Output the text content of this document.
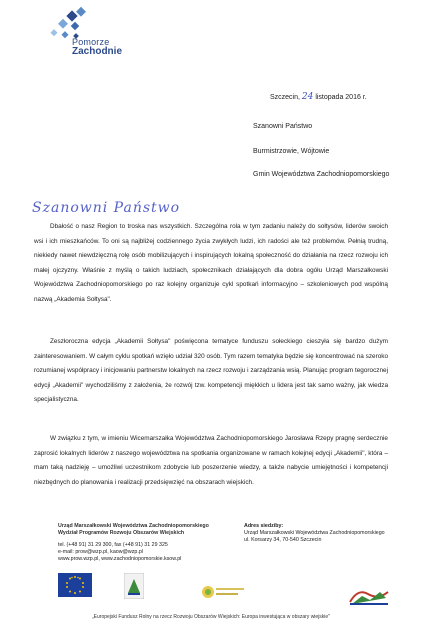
Pomorze
Zachodnie
Szczecin, 24 listopada 2016 r.
Szanowni Państwo
Burmistrzowie, Wójtowie
Gmin Województwa Zachodniopomorskiego
Szanowni Państwo

Dbałość o nasz Region to troska nas wszystkich. Szczególna rola w tym zadaniu należy do sołtysów, liderów swoich wsi i ich mieszkańców. To oni są najbliżej codziennego życia zwykłych ludzi, ich radości ale też problemów. Pełnią trudną, niekiedy nawet niewdzięczną rolę osób mobilizujących i inspirujących lokalną społeczność do działania na rzecz rozwoju ich małej ojczyzny. Właśnie z myślą o takich ludziach, społecznikach działających dla dobra ogółu Urząd Marszałkowski Województwa Zachodniopomorskiego po raz kolejny organizuje cykl spotkań informacyjno – szkoleniowych pod wspólną nazwą „Akademia Sołtysa".

Zeszłoroczna edycja „Akademii Sołtysa" poświęcona tematyce funduszu sołeckiego cieszyła się bardzo dużym zainteresowaniem. W całym cyklu spotkań wzięło udział 320 osób. Tym razem tematyka będzie się koncentrować na szeroko rozumianej współpracy i inicjowaniu partnerstw lokalnych na rzecz rozwoju i zarządzania wsią. Planując program tegorocznej edycji „Akademii" wychodziliśmy z założenia, że rozwój tzw. kompetencji miękkich u lidera jest tak samo ważny, jak wiedza specjalistyczna.

W związku z tym, w imieniu Wicemarszałka Województwa Zachodniopomorskiego Jarosława Rzepy pragnę serdecznie zaprosić lokalnych liderów z naszego województwa na spotkania organizowane w ramach kolejnej edycji „Akademii", która – mam taką nadzieję – umożliwi uczestnikom zdobycie lub poszerzenie wiedzy, a także nabycie umiejętności i kompetencji niezbędnych do planowania i realizacji przedsięwzięć na obszarach wiejskich.

Urząd Marszałkowski Województwa Zachodniopomorskiego
Wydział Programów Rozwoju Obszarów Wiejskich
tel. (+48 91) 31 29 300, fax (+48 91) 31 29 325
e-mail: prow@wzp.pl, kaow@wzp.pl
www.prow.wzp.pl, www.zachodniopomorskie.ksow.pl
Adres siedziby:
Urząd Marszałkowski Województwa Zachodniopomorskiego
ul. Korsarzy 34, 70-540 Szczecin
„Europejski Fundusz Rolny na rzecz Rozwoju Obszarów Wiejskich: Europa inwestująca w obszary wiejskie"
